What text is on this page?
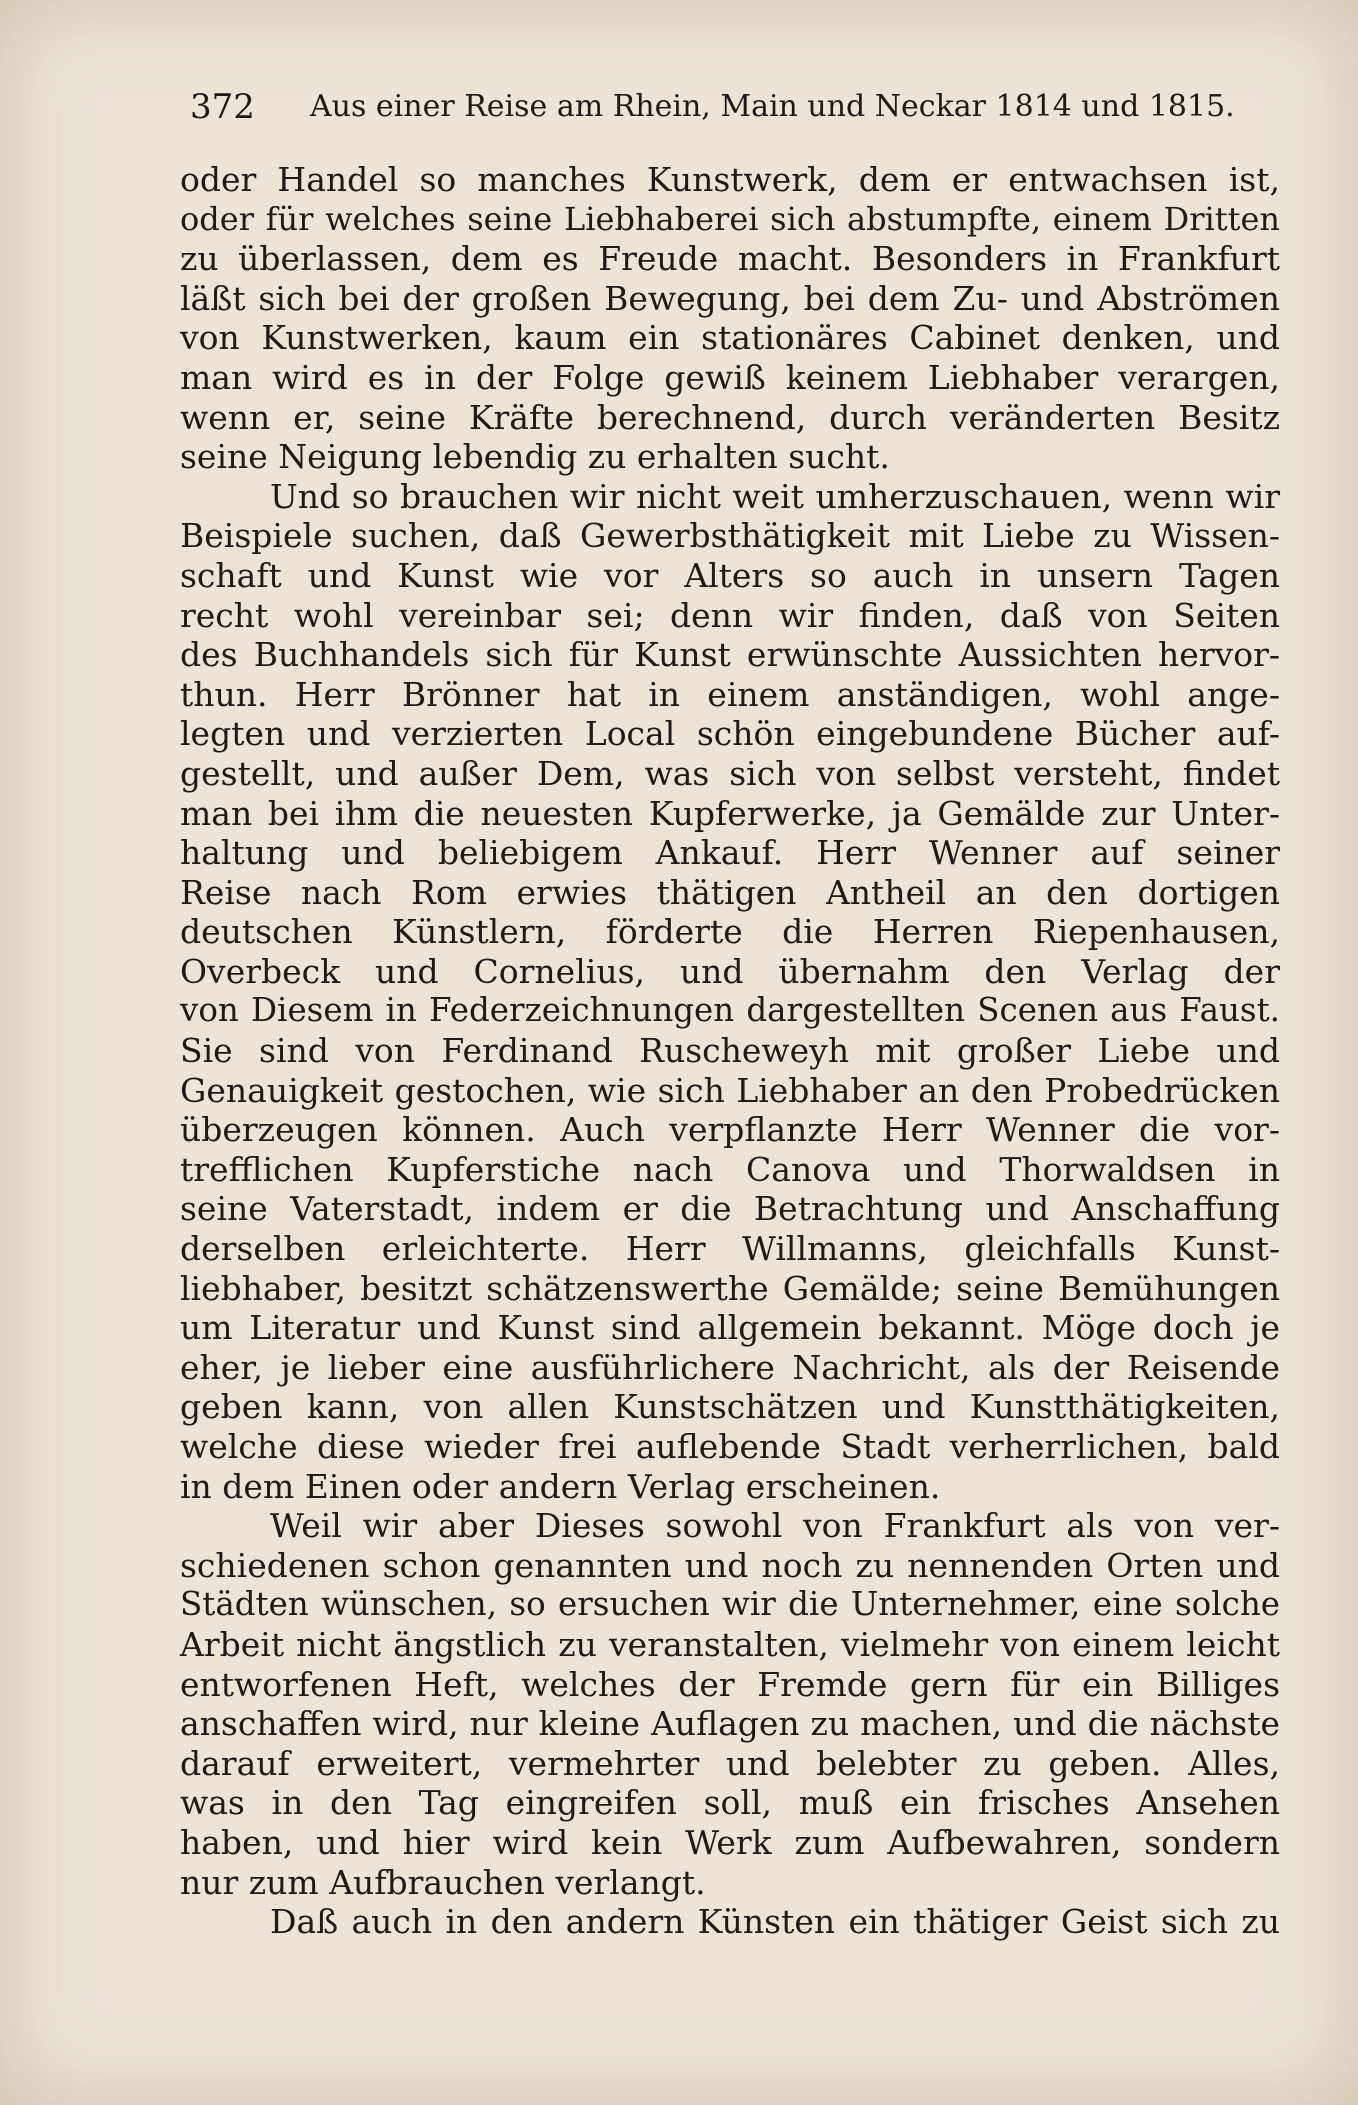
372 Aus einer Reise am Rhein, Main und Neckar 1814 und 1815.
oder Handel so manches Kunstwerk, dem er entwachsen ist,
oder für welches seine Liebhaberei sich abstumpfte, einem Dritten
zu überlassen, dem es Freude macht. Besonders in Frankfurt
läßt sich bei der großen Bewegung, bei dem Zu- und Abströmen
von Kunstwerken, kaum ein stationäres Cabinet denken, und
man wird es in der Folge gewiß keinem Liebhaber verargen,
wenn er, seine Kräfte berechnend, durch veränderten Besitz
seine Neigung lebendig zu erhalten sucht.
Und so brauchen wir nicht weit umherzuschauen, wenn wir
Beispiele suchen, daß Gewerbsthätigkeit mit Liebe zu Wissen-
schaft und Kunst wie vor Alters so auch in unsern Tagen
recht wohl vereinbar sei; denn wir finden, daß von Seiten
des Buchhandels sich für Kunst erwünschte Aussichten hervor-
thun. Herr Brönner hat in einem anständigen, wohl ange-
legten und verzierten Local schön eingebundene Bücher auf-
gestellt, und außer Dem, was sich von selbst versteht, findet
man bei ihm die neuesten Kupferwerke, ja Gemälde zur Unter-
haltung und beliebigem Ankauf. Herr Wenner auf seiner
Reise nach Rom erwies thätigen Antheil an den dortigen
deutschen Künstlern, förderte die Herren Riepenhausen,
Overbeck und Cornelius, und übernahm den Verlag der
von Diesem in Federzeichnungen dargestellten Scenen aus Faust.
Sie sind von Ferdinand Ruscheweyh mit großer Liebe und
Genauigkeit gestochen, wie sich Liebhaber an den Probedrücken
überzeugen können. Auch verpflanzte Herr Wenner die vor-
trefflichen Kupferstiche nach Canova und Thorwaldsen in
seine Vaterstadt, indem er die Betrachtung und Anschaffung
derselben erleichterte. Herr Willmanns, gleichfalls Kunst-
liebhaber, besitzt schätzenswerthe Gemälde; seine Bemühungen
um Literatur und Kunst sind allgemein bekannt. Möge doch je
eher, je lieber eine ausführlichere Nachricht, als der Reisende
geben kann, von allen Kunstschätzen und Kunstthätigkeiten,
welche diese wieder frei auflebende Stadt verherrlichen, bald
in dem Einen oder andern Verlag erscheinen.
Weil wir aber Dieses sowohl von Frankfurt als von ver-
schiedenen schon genannten und noch zu nennenden Orten und
Städten wünschen, so ersuchen wir die Unternehmer, eine solche
Arbeit nicht ängstlich zu veranstalten, vielmehr von einem leicht
entworfenen Heft, welches der Fremde gern für ein Billiges
anschaffen wird, nur kleine Auflagen zu machen, und die nächste
darauf erweitert, vermehrter und belebter zu geben. Alles,
was in den Tag eingreifen soll, muß ein frisches Ansehen
haben, und hier wird kein Werk zum Aufbewahren, sondern
nur zum Aufbrauchen verlangt.
Daß auch in den andern Künsten ein thätiger Geist sich zu
